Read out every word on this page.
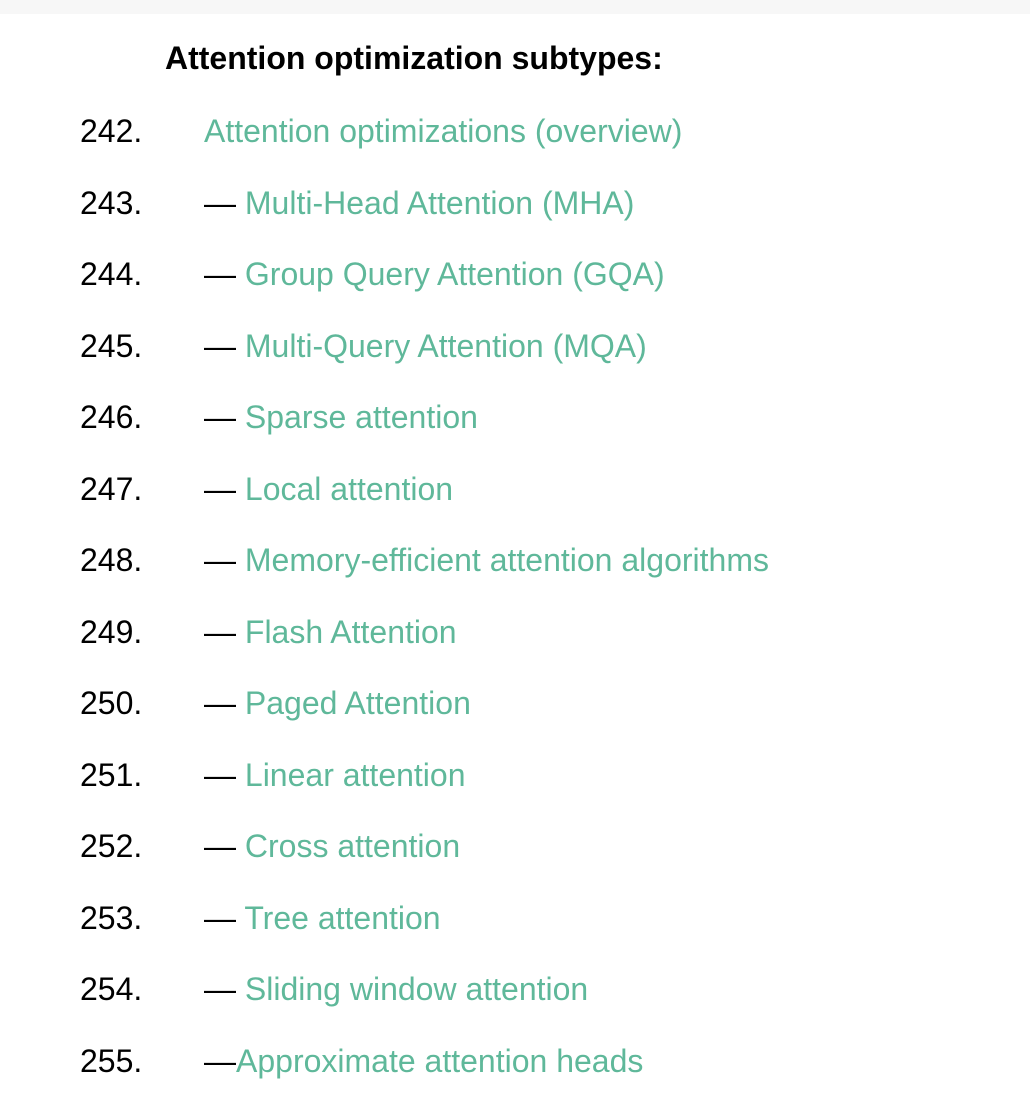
Attention optimization subtypes:
242. Attention optimizations (overview)
243. — Multi-Head Attention (MHA)
244. — Group Query Attention (GQA)
245. — Multi-Query Attention (MQA)
246. — Sparse attention
247. — Local attention
248. — Memory-efficient attention algorithms
249. — Flash Attention
250. — Paged Attention
251. — Linear attention
252. — Cross attention
253. — Tree attention
254. — Sliding window attention
255. —Approximate attention heads
